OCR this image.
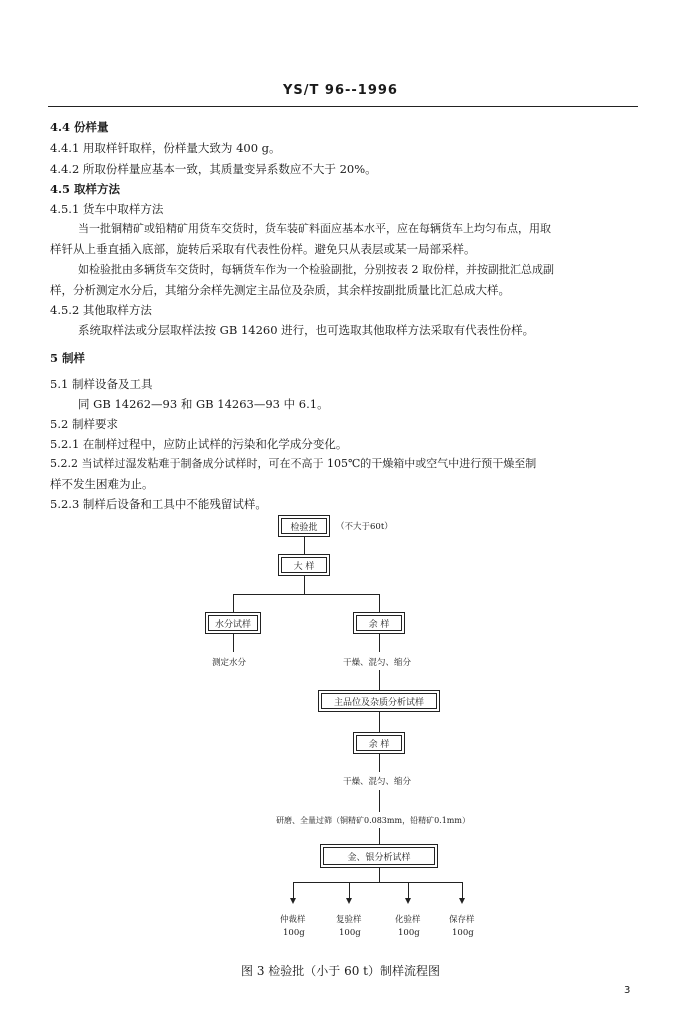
YS/T 96--1996
4.4 份样量
4.4.1 用取样钎取样，份样量大致为 400 g。
4.4.2 所取份样量应基本一致，其质量变异系数应不大于 20%。
4.5 取样方法
4.5.1 货车中取样方法
当一批铜精矿或铅精矿用货车交货时，货车装矿料面应基本水平，应在每辆货车上均匀布点，用取
样钎从上垂直插入底部，旋转后采取有代表性份样。避免只从表层或某一局部采样。
如检验批由多辆货车交货时，每辆货车作为一个检验副批，分别按表 2 取份样，并按副批汇总成副
样，分析测定水分后，其缩分余样先测定主品位及杂质，其余样按副批质量比汇总成大样。
4.5.2 其他取样方法
系统取样法或分层取样法按 GB 14260 进行，也可选取其他取样方法采取有代表性份样。
5 制样
5.1 制样设备及工具
同 GB 14262—93 和 GB 14263—93 中 6.1。
5.2 制样要求
5.2.1 在制样过程中，应防止试样的污染和化学成分变化。
5.2.2 当试样过湿发粘难于制备成分试样时，可在不高于 105℃的干燥箱中或空气中进行预干燥至制
样不发生困难为止。
5.2.3 制样后设备和工具中不能残留试样。
检验批	（不大于60t）
大 样
水分试样	余 样
测定水分	干燥、混匀、缩分
主品位及杂质分析试样
余 样
干燥、混匀、缩分
研磨、全量过筛（铜精矿0.083mm，铅精矿0.1mm）
金、银分析试样
仲裁样
100g
复验样
100g
化验样
100g
保存样
100g
图 3 检验批（小于 60 t）制样流程图
3
